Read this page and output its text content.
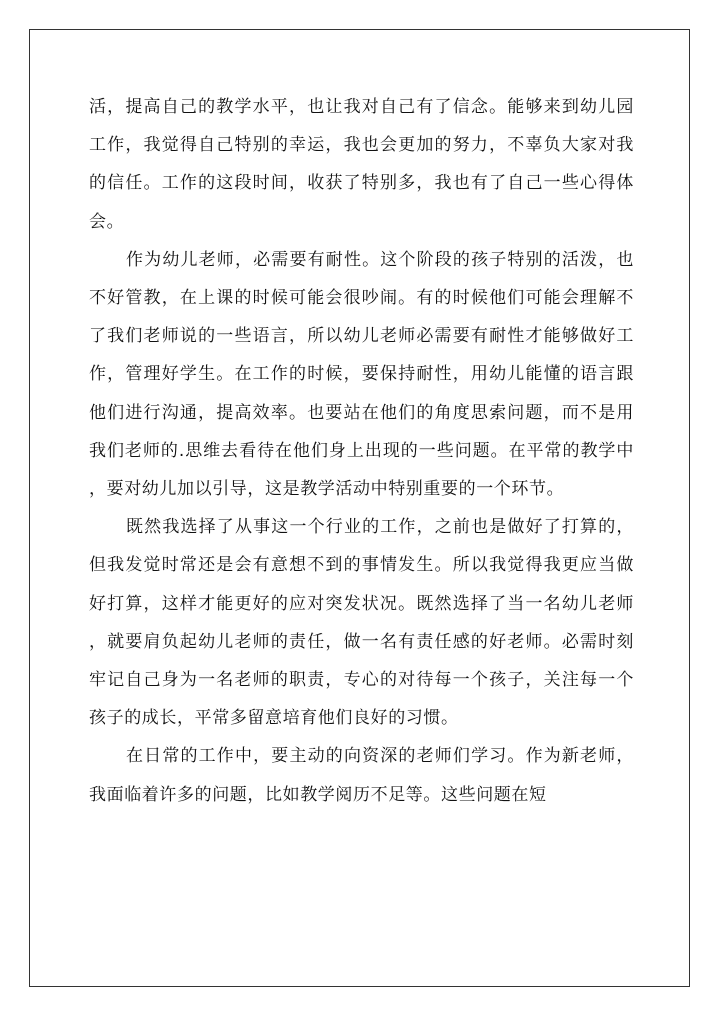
活，提高自己的教学水平，也让我对自己有了信念。能够来到幼儿园工作，我觉得自己特别的幸运，我也会更加的努力，不辜负大家对我的信任。工作的这段时间，收获了特别多，我也有了自己一些心得体会。

作为幼儿老师，必需要有耐性。这个阶段的孩子特别的活泼，也不好管教，在上课的时候可能会很吵闹。有的时候他们可能会理解不了我们老师说的一些语言，所以幼儿老师必需要有耐性才能够做好工作，管理好学生。在工作的时候，要保持耐性，用幼儿能懂的语言跟他们进行沟通，提高效率。也要站在他们的角度思索问题，而不是用我们老师的.思维去看待在他们身上出现的一些问题。在平常的教学中，要对幼儿加以引导，这是教学活动中特别重要的一个环节。

既然我选择了从事这一个行业的工作，之前也是做好了打算的，但我发觉时常还是会有意想不到的事情发生。所以我觉得我更应当做好打算，这样才能更好的应对突发状况。既然选择了当一名幼儿老师，就要肩负起幼儿老师的责任，做一名有责任感的好老师。必需时刻牢记自己身为一名老师的职责，专心的对待每一个孩子，关注每一个孩子的成长，平常多留意培育他们良好的习惯。

在日常的工作中，要主动的向资深的老师们学习。作为新老师，我面临着许多的问题，比如教学阅历不足等。这些问题在短
